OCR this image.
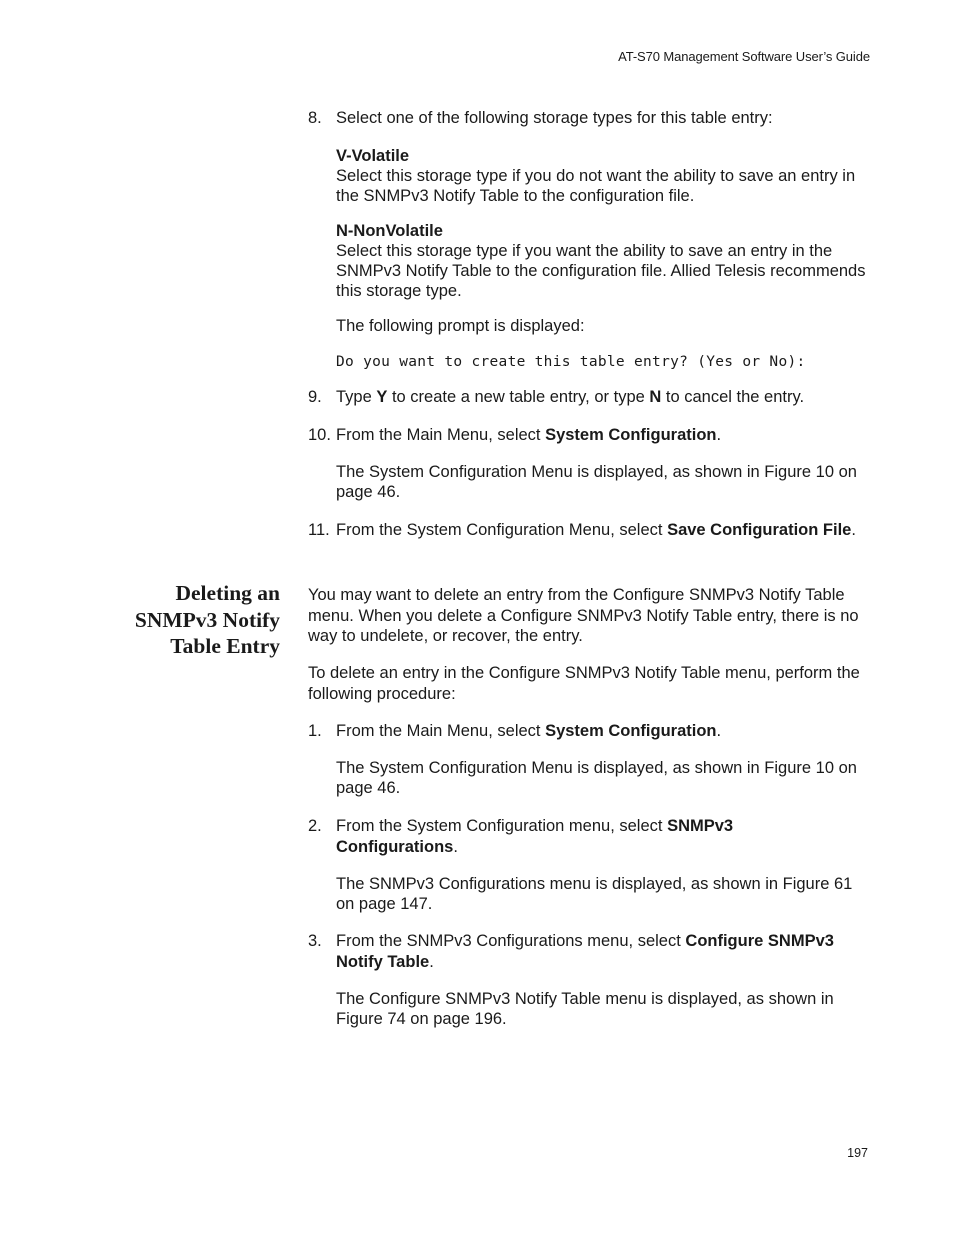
AT-S70 Management Software User’s Guide
8. Select one of the following storage types for this table entry:
V-Volatile
Select this storage type if you do not want the ability to save an entry in the SNMPv3 Notify Table to the configuration file.
N-NonVolatile
Select this storage type if you want the ability to save an entry in the SNMPv3 Notify Table to the configuration file. Allied Telesis recommends this storage type.
The following prompt is displayed:
Do you want to create this table entry? (Yes or No):
9. Type Y to create a new table entry, or type N to cancel the entry.
10. From the Main Menu, select System Configuration.
The System Configuration Menu is displayed, as shown in Figure 10 on page 46.
11. From the System Configuration Menu, select Save Configuration File.
Deleting an
SNMPv3 Notify
Table Entry
You may want to delete an entry from the Configure SNMPv3 Notify Table menu. When you delete a Configure SNMPv3 Notify Table entry, there is no way to undelete, or recover, the entry.
To delete an entry in the Configure SNMPv3 Notify Table menu, perform the following procedure:
1. From the Main Menu, select System Configuration.
The System Configuration Menu is displayed, as shown in Figure 10 on page 46.
2. From the System Configuration menu, select SNMPv3 Configurations.
The SNMPv3 Configurations menu is displayed, as shown in Figure 61 on page 147.
3. From the SNMPv3 Configurations menu, select Configure SNMPv3 Notify Table.
The Configure SNMPv3 Notify Table menu is displayed, as shown in Figure 74 on page 196.
197
